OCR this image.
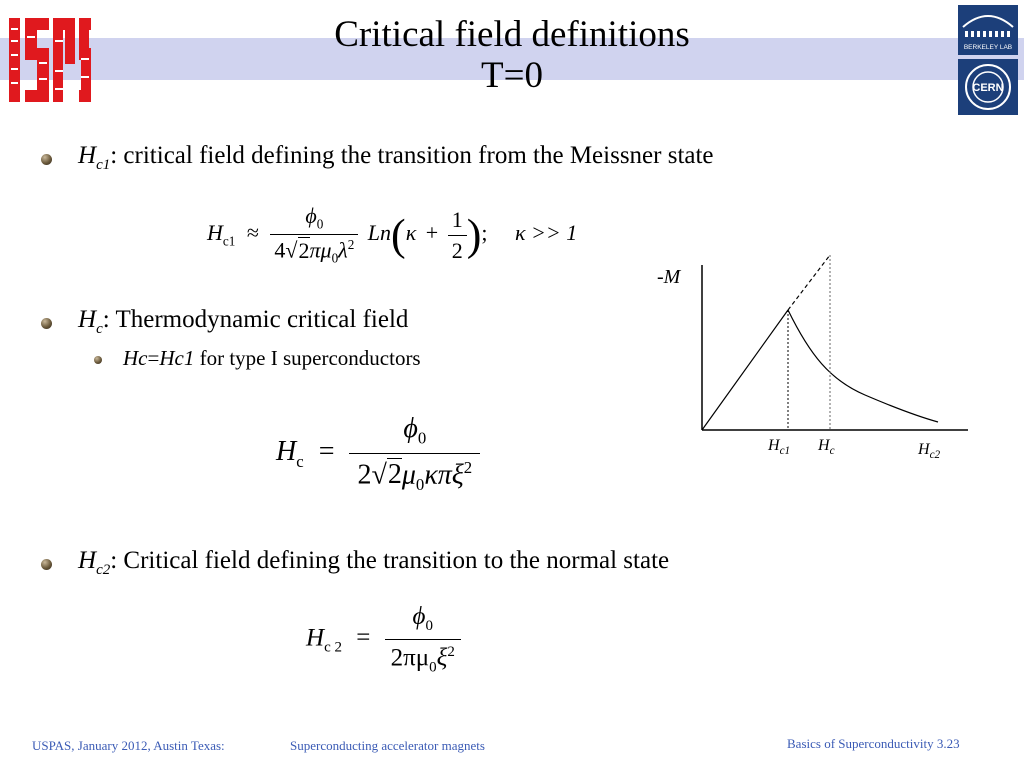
Critical field definitions
T=0
BERKELEY LAB
CERN
$H_{c1}$: critical field defining the transition from the Meissner state
$H_{c1} \approx \frac{\phi_0}{4√2\pi\mu_0\lambda^2} Ln(\kappa + \frac{1}{2}$ ); κ >> 1
$H_c$: Thermodynamic critical field
Hc=Hc1 for type I superconductors
$H_c = \frac{\phi_0}{2√2\mu_0\kappa\pi\xi^2}$
$H_{c2}$: Critical field defining the transition to the normal state
$H_{c 2} = \frac{\phi_0}{2\pi\mu_0\xi^2}$
-M
$H_{c1}$ $H_c$	$H_{c2}$
USPAS, January 2012, Austin Texas:	Superconducting accelerator magnets	Basics of Superconductivity 3.23
